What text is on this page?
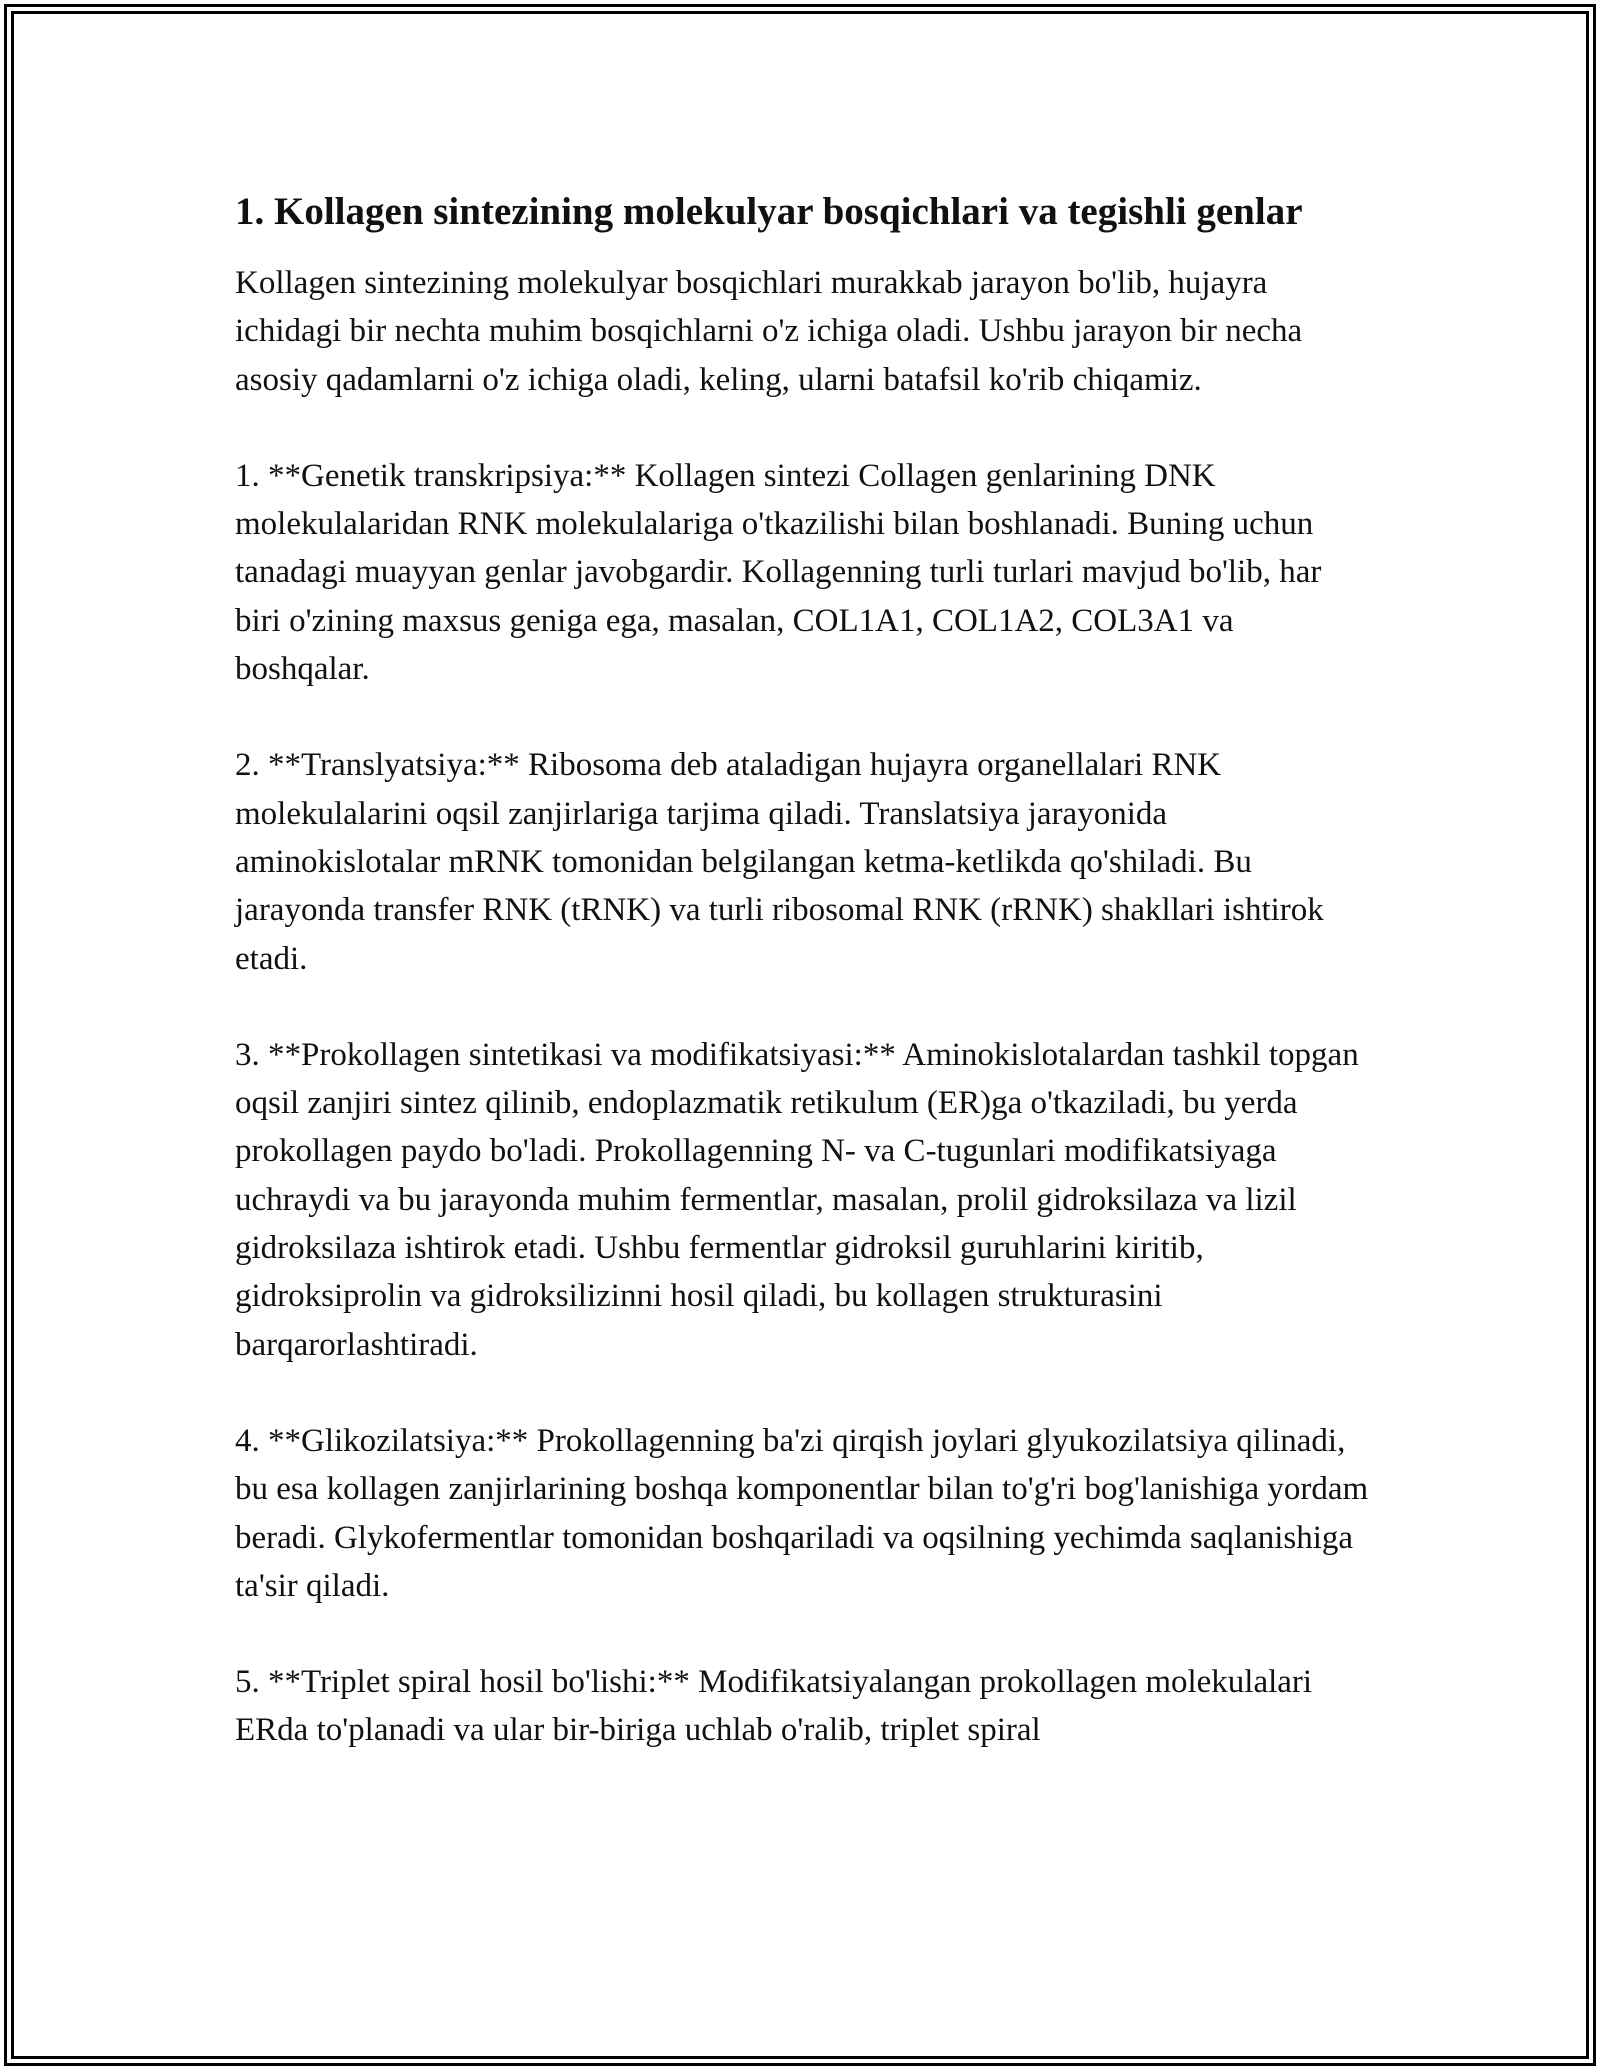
1. Kollagen sintezining molekulyar bosqichlari va tegishli genlar

Kollagen sintezining molekulyar bosqichlari murakkab jarayon bo'lib, hujayra ichidagi bir nechta muhim bosqichlarni o'z ichiga oladi. Ushbu jarayon bir necha asosiy qadamlarni o'z ichiga oladi, keling, ularni batafsil ko'rib chiqamiz.

1. **Genetik transkripsiya:** Kollagen sintezi Collagen genlarining DNK molekulalaridan RNK molekulalariga o'tkazilishi bilan boshlanadi. Buning uchun tanadagi muayyan genlar javobgardir. Kollagenning turli turlari mavjud bo'lib, har biri o'zining maxsus geniga ega, masalan, COL1A1, COL1A2, COL3A1 va boshqalar.

2. **Translyatsiya:** Ribosoma deb ataladigan hujayra organellalari RNK molekulalarini oqsil zanjirlariga tarjima qiladi. Translatsiya jarayonida aminokislotalar mRNK tomonidan belgilangan ketma-ketlikda qo'shiladi. Bu jarayonda transfer RNK (tRNK) va turli ribosomal RNK (rRNK) shakllari ishtirok etadi.

3. **Prokollagen sintetikasi va modifikatsiyasi:** Aminokislotalardan tashkil topgan oqsil zanjiri sintez qilinib, endoplazmatik retikulum (ER)ga o'tkaziladi, bu yerda prokollagen paydo bo'ladi. Prokollagenning N- va C-tugunlari modifikatsiyaga uchraydi va bu jarayonda muhim fermentlar, masalan, prolil gidroksilaza va lizil gidroksilaza ishtirok etadi. Ushbu fermentlar gidroksil guruhlarini kiritib, gidroksiprolin va gidroksilizinni hosil qiladi, bu kollagen strukturasini barqarorlashtiradi.

4. **Glikozilatsiya:** Prokollagenning ba'zi qirqish joylari glyukozilatsiya qilinadi, bu esa kollagen zanjirlarining boshqa komponentlar bilan to'g'ri bog'lanishiga yordam beradi. Glykofermentlar tomonidan boshqariladi va oqsilning yechimda saqlanishiga ta'sir qiladi.

5. **Triplet spiral hosil bo'lishi:** Modifikatsiyalangan prokollagen molekulalari ERda to'planadi va ular bir-biriga uchlab o'ralib, triplet spiral
